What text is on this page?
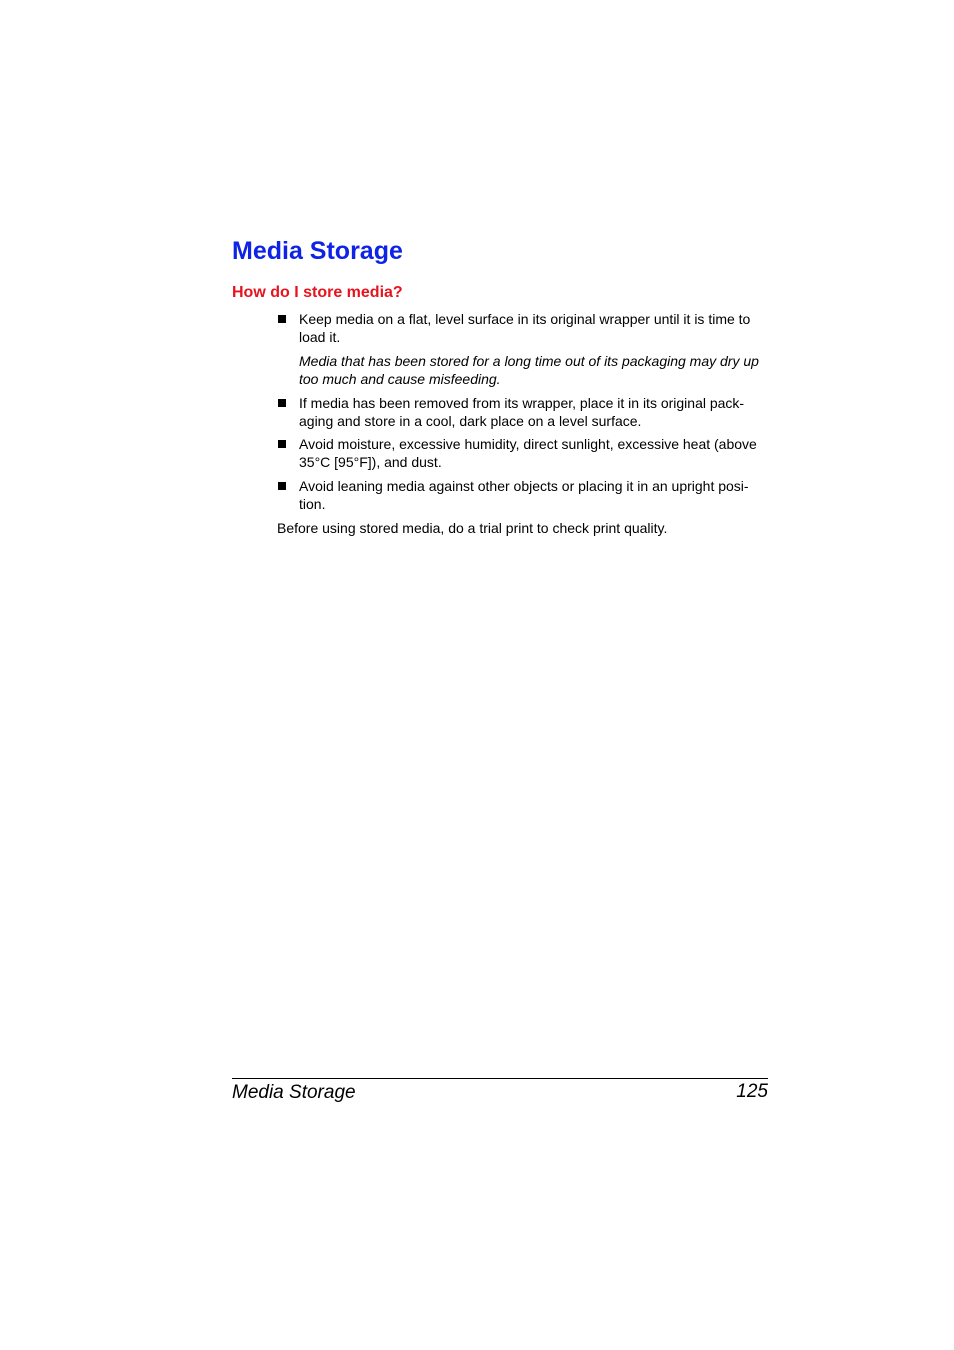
Media Storage
How do I store media?
Keep media on a flat, level surface in its original wrapper until it is time to
load it.
Media that has been stored for a long time out of its packaging may dry up
too much and cause misfeeding.
If media has been removed from its wrapper, place it in its original pack-
aging and store in a cool, dark place on a level surface.
Avoid moisture, excessive humidity, direct sunlight, excessive heat (above
35°C [95°F]), and dust.
Avoid leaning media against other objects or placing it in an upright posi-
tion.
Before using stored media, do a trial print to check print quality.
Media Storage	125
